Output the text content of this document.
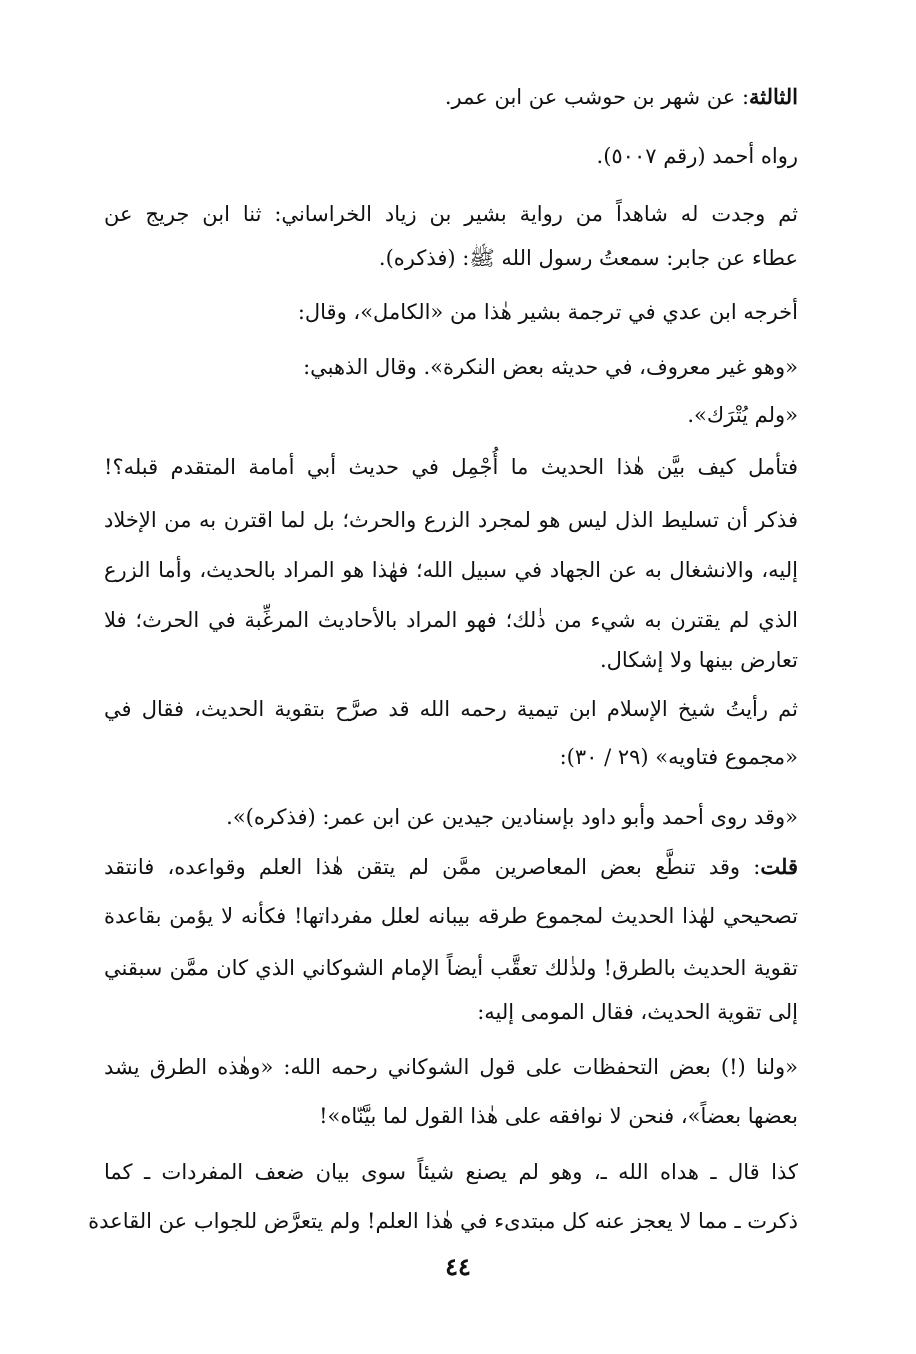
الثالثة: عن شهر بن حوشب عن ابن عمر.
رواه أحمد (رقم ٥٠٠٧).
ثم وجدت له شاهداً من رواية بشير بن زياد الخراساني: ثنا ابن جريج عن
عطاء عن جابر: سمعتُ رسول الله ﷺ: (فذكره).
أخرجه ابن عدي في ترجمة بشير هٰذا من «الكامل»، وقال:
«وهو غير معروف، في حديثه بعض النكرة». وقال الذهبي:
«ولم يُتْرَك».
فتأمل كيف بيَّن هٰذا الحديث ما أُجْمِل في حديث أبي أمامة المتقدم قبله؟!
فذكر أن تسليط الذل ليس هو لمجرد الزرع والحرث؛ بل لما اقترن به من الإخلاد
إليه، والانشغال به عن الجهاد في سبيل الله؛ فهٰذا هو المراد بالحديث، وأما الزرع
الذي لم يقترن به شيء من ذٰلك؛ فهو المراد بالأحاديث المرغِّبة في الحرث؛ فلا
تعارض بينها ولا إشكال.
ثم رأيتُ شيخ الإسلام ابن تيمية رحمه الله قد صرَّح بتقوية الحديث، فقال في
«مجموع فتاويه» (٢٩ / ٣٠):
«وقد روى أحمد وأبو داود بإسنادين جيدين عن ابن عمر: (فذكره)».
قلت: وقد تنطَّع بعض المعاصرين ممَّن لم يتقن هٰذا العلم وقواعده، فانتقد
تصحيحي لهٰذا الحديث لمجموع طرقه بيبانه لعلل مفرداتها! فكأنه لا يؤمن بقاعدة
تقوية الحديث بالطرق! ولذٰلك تعقَّب أيضاً الإمام الشوكاني الذي كان ممَّن سبقني
إلى تقوية الحديث، فقال المومى إليه:
«ولنا (!) بعض التحفظات على قول الشوكاني رحمه الله: «وهٰذه الطرق يشد
بعضها بعضاً»، فنحن لا نوافقه على هٰذا القول لما بيَّنّاه»!
كذا قال ـ هداه الله ـ، وهو لم يصنع شيئاً سوى بيان ضعف المفردات ـ كما
ذكرت ـ مما لا يعجز عنه كل مبتدىء في هٰذا العلم! ولم يتعرَّض للجواب عن القاعدة
٤٤
